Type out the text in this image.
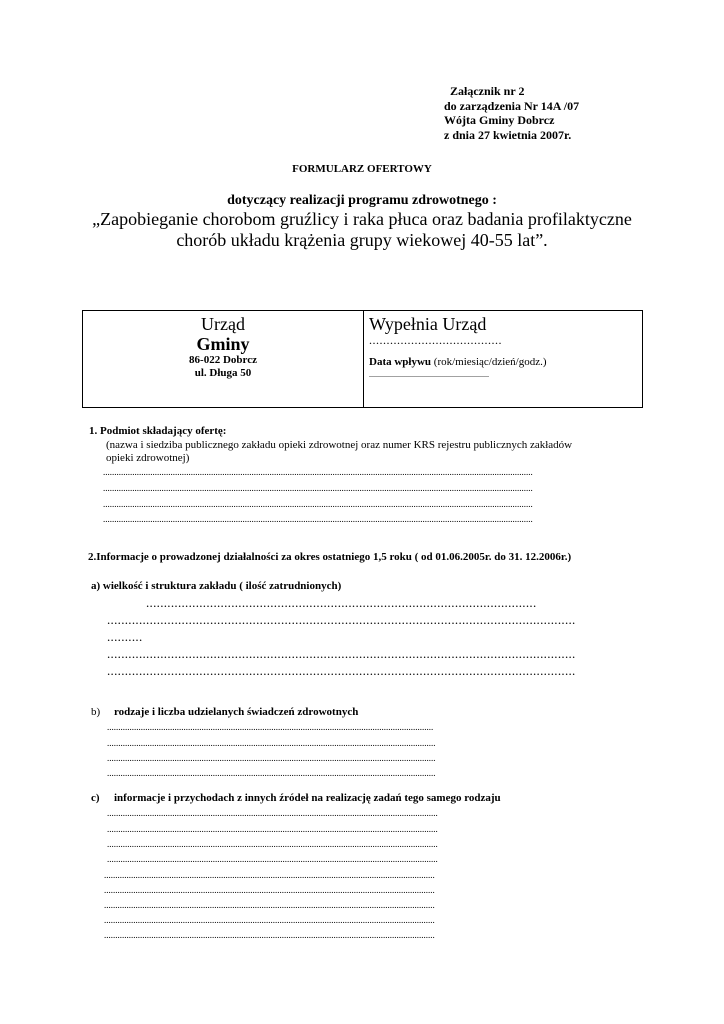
Załącznik nr 2
do zarządzenia Nr 14A /07
Wójta Gminy Dobrcz
z dnia 27 kwietnia 2007r.
FORMULARZ OFERTOWY
dotyczący realizacji programu zdrowotnego :
„Zapobieganie chorobom gruźlicy i raka płuca oraz badania profilaktyczne
chorób układu krążenia grupy wiekowej 40-55 lat”.
Urząd
Gminy
86-022 Dobrcz
ul. Długa 50
Wypełnia Urząd
......................................
Data wpływu (rok/miesiąc/dzień/godz.)
............................................................
1. Podmiot składający ofertę:
(nazwa i siedziba publicznego zakładu opieki zdrowotnej oraz numer KRS rejestru publicznych zakładów
opieki zdrowotnej)
...............................................................................................................................................................................................
...............................................................................................................................................................................................
...............................................................................................................................................................................................
...............................................................................................................................................................................................
2.Informacje o prowadzonej działalności za okres ostatniego 1,5 roku ( od 01.06.2005r. do 31. 12.2006r.)
a) wielkość i struktura zakładu ( ilość zatrudnionych)
..............................................................................................................
....................................................................................................................................
..........
....................................................................................................................................
....................................................................................................................................
b) rodzaje i liczba udzielanych świadczeń zdrowotnych
.................................................................................................................................................
..................................................................................................................................................
..................................................................................................................................................
..................................................................................................................................................
c) informacje i przychodach z innych źródeł na realizację zadań tego samego rodzaju
...................................................................................................................................................
...................................................................................................................................................
...................................................................................................................................................
...................................................................................................................................................
...................................................................................................................................................
...................................................................................................................................................
...................................................................................................................................................
...................................................................................................................................................
...................................................................................................................................................
